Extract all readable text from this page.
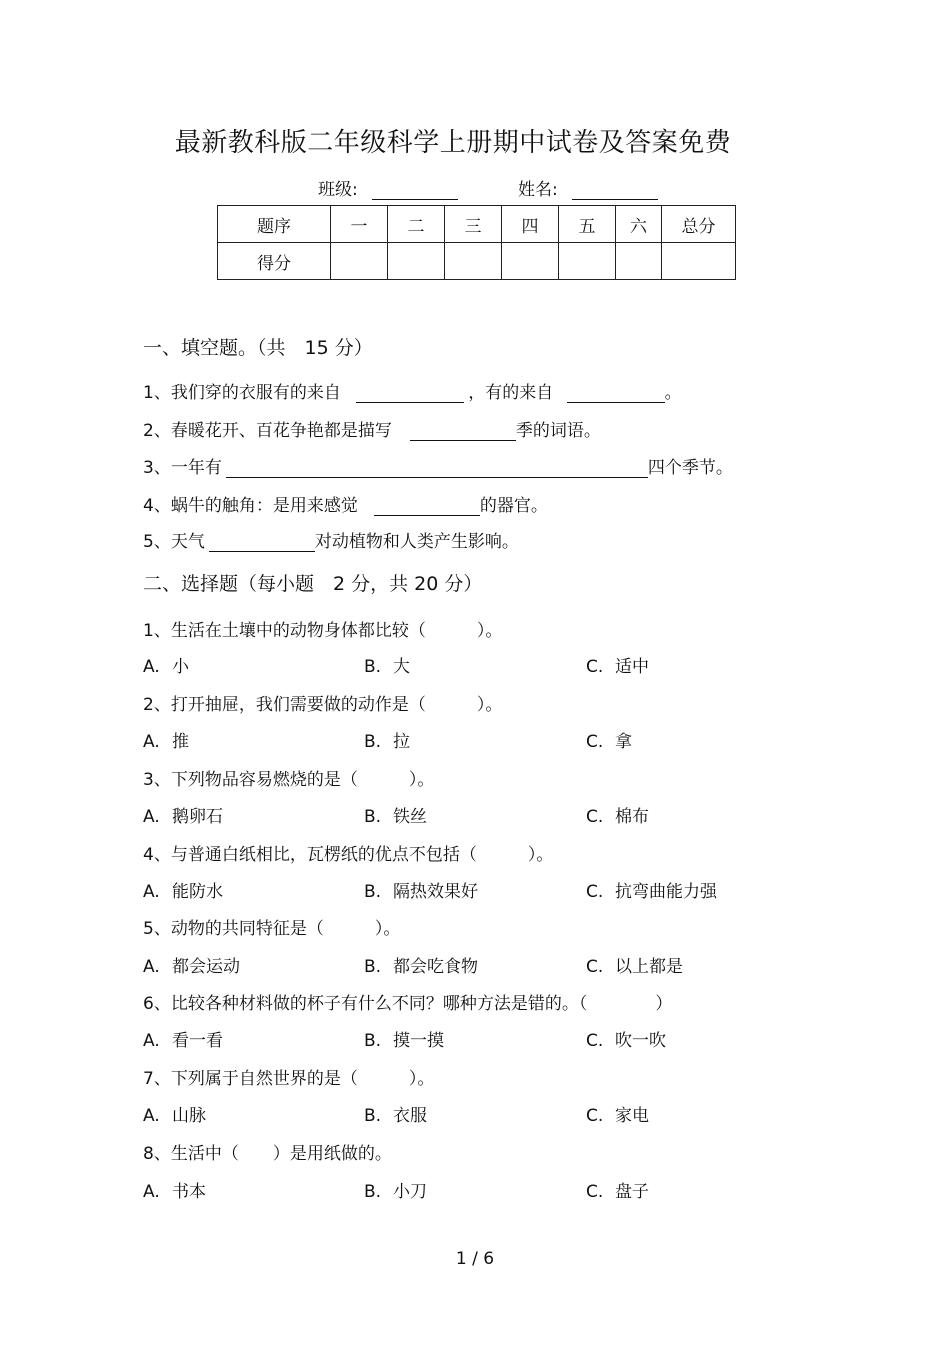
最新教科版二年级科学上册期中试卷及答案免费
班级:	姓名:
题序	一	二	三	四	五	六	总分
得分							
一、填空题。（共　15 分）
1、我们穿的衣服有的来自	，有的来自	。
2、春暖花开、百花争艳都是描写	季的词语。
3、一年有	四个季节。
4、蜗牛的触角：是用来感觉	的器官。
5、天气	对动植物和人类产生影响。
二、选择题（每小题　2 分，共 20 分）
1、生活在土壤中的动物身体都比较（　　　）。
A. 小	B. 大	C. 适中
2、打开抽屉，我们需要做的动作是（　　　）。
A. 推	B. 拉	C. 拿
3、下列物品容易燃烧的是（　　　）。
A. 鹅卵石	B. 铁丝	C. 棉布
4、与普通白纸相比，瓦楞纸的优点不包括（　　　）。
A. 能防水	B. 隔热效果好	C. 抗弯曲能力强
5、动物的共同特征是（　　　）。
A. 都会运动	B. 都会吃食物	C. 以上都是
6、比较各种材料做的杯子有什么不同？哪种方法是错的。（　　　　）
A. 看一看	B. 摸一摸	C. 吹一吹
7、下列属于自然世界的是（　　　）。
A. 山脉	B. 衣服	C. 家电
8、生活中（　　）是用纸做的。
A. 书本	B. 小刀	C. 盘子
1 / 6
